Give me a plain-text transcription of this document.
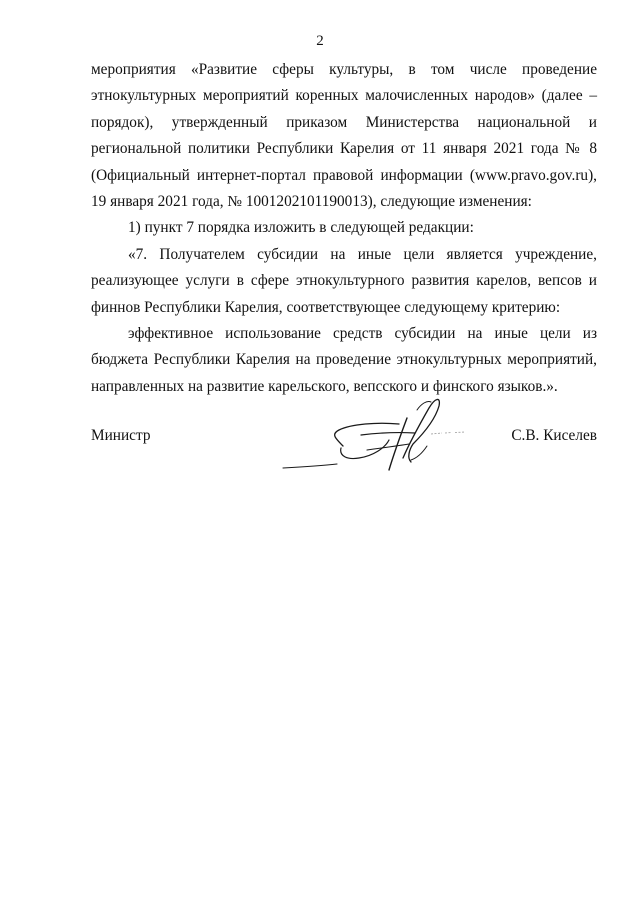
2

мероприятия «Развитие сферы культуры, в том числе проведение этнокультурных мероприятий коренных малочисленных народов» (далее – порядок), утвержденный приказом Министерства национальной и региональной политики Республики Карелия от 11 января 2021 года № 8 (Официальный интернет-портал правовой информации (www.pravo.gov.ru), 19 января 2021 года, № 1001202101190013), следующие изменения:

1) пункт 7 порядка изложить в следующей редакции:

«7. Получателем субсидии на иные цели является учреждение, реализующее услуги в сфере этнокультурного развития карелов, вепсов и финнов Республики Карелия, соответствующее следующему критерию:

эффективное использование средств субсидии на иные цели из бюджета Республики Карелия на проведение этнокультурных мероприятий, направленных на развитие карельского, вепсского и финского языков.».

Министр	С.В. Киселев
